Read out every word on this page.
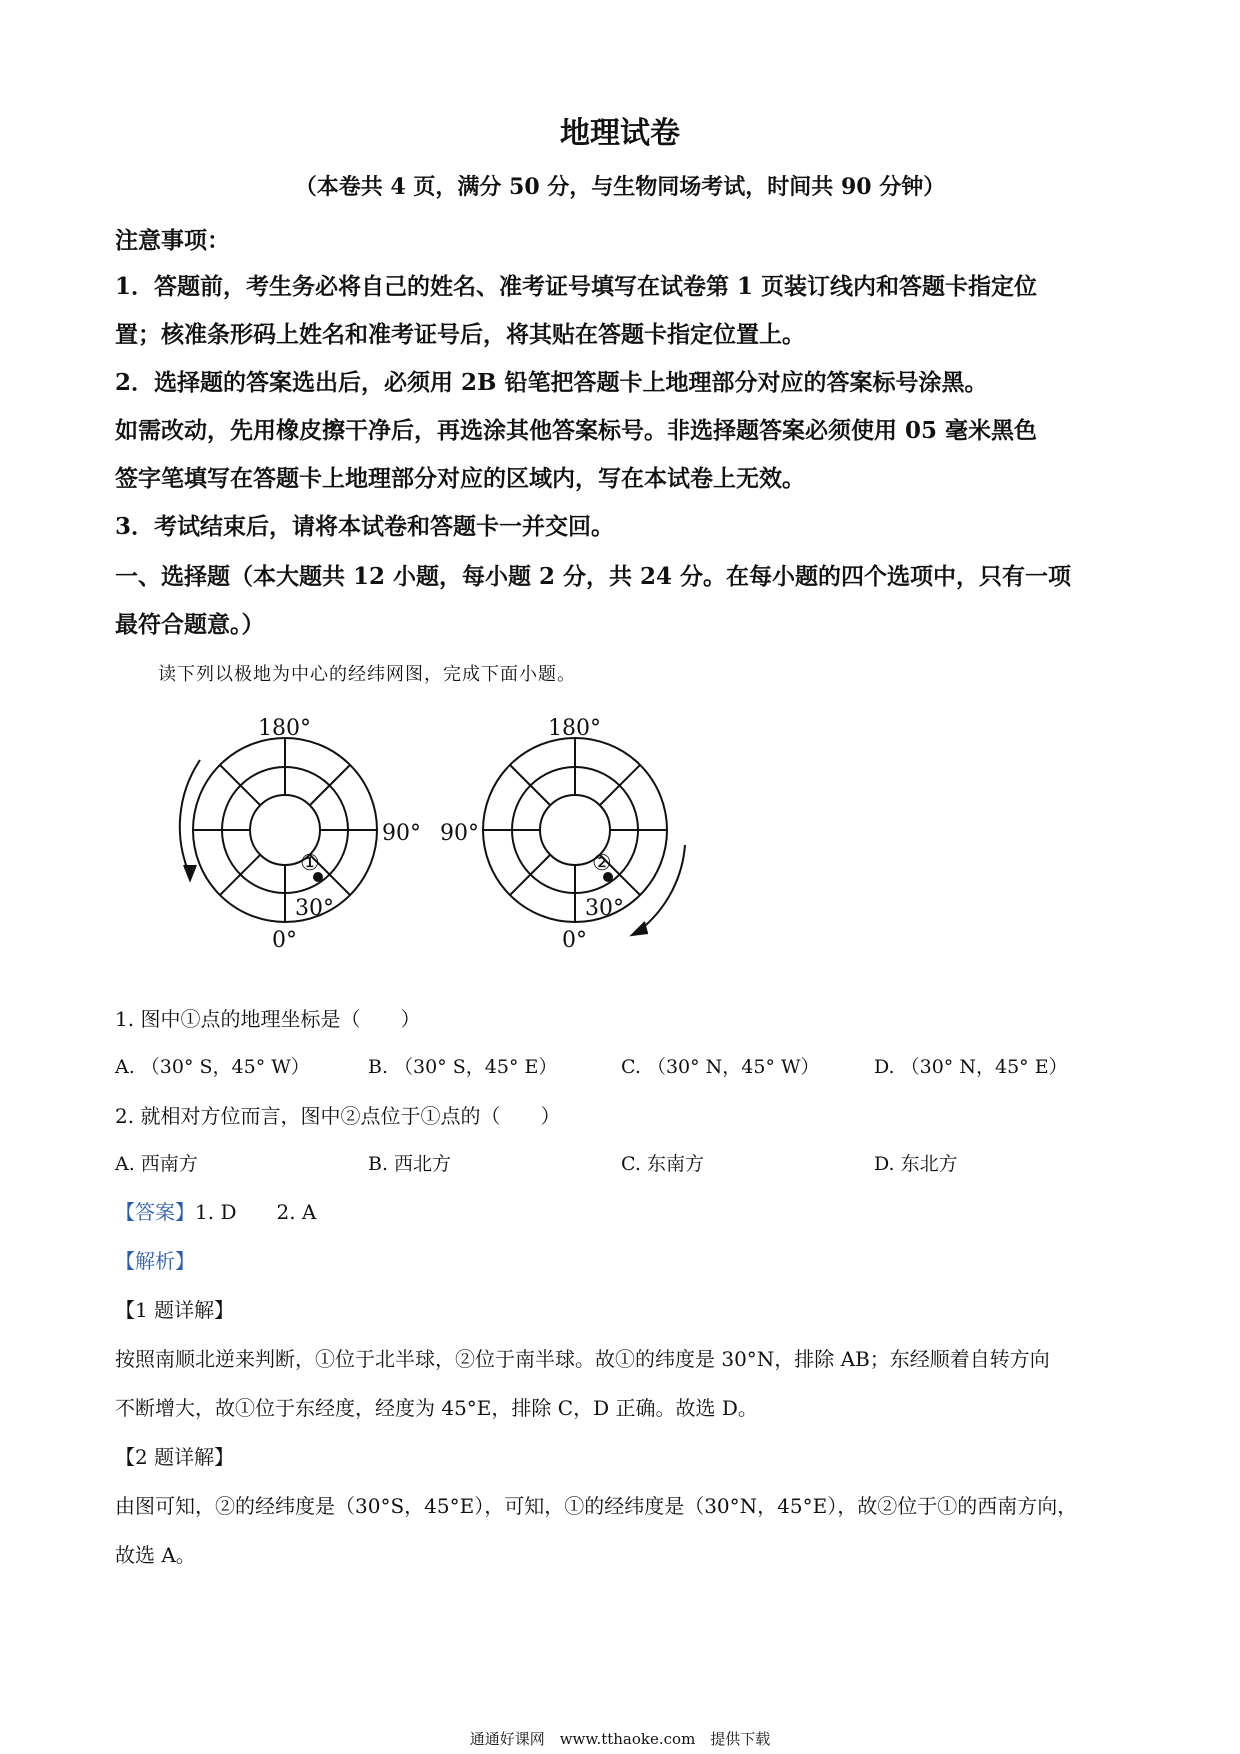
地理试卷
（本卷共 4 页，满分 50 分，与生物同场考试，时间共 90 分钟）
注意事项：
1．答题前，考生务必将自己的姓名、准考证号填写在试卷第 1 页装订线内和答题卡指定位
置；核准条形码上姓名和准考证号后，将其贴在答题卡指定位置上。
2．选择题的答案选出后，必须用 2B 铅笔把答题卡上地理部分对应的答案标号涂黑。
如需改动，先用橡皮擦干净后，再选涂其他答案标号。非选择题答案必须使用 05 毫米黑色
签字笔填写在答题卡上地理部分对应的区域内，写在本试卷上无效。
3．考试结束后，请将本试卷和答题卡一并交回。
一、选择题（本大题共 12 小题，每小题 2 分，共 24 分。在每小题的四个选项中，只有一项
最符合题意。）
读下列以极地为中心的经纬网图，完成下面小题。
180°
90°
30°
0°
①
180°
90°
30°
0°
②
1. 图中①点的地理坐标是（　　）
A. （30° S，45° W）	B. （30° S，45° E）	C. （30° N，45° W）	D. （30° N，45° E）
2. 就相对方位而言，图中②点位于①点的（　　）
A. 西南方	B. 西北方	C. 东南方	D. 东北方
【答案】1. D　　2. A
【解析】
【1 题详解】
按照南顺北逆来判断，①位于北半球，②位于南半球。故①的纬度是 30°N，排除 AB；东经顺着自转方向
不断增大，故①位于东经度，经度为 45°E，排除 C，D 正确。故选 D。
【2 题详解】
由图可知，②的经纬度是（30°S，45°E），可知，①的经纬度是（30°N，45°E），故②位于①的西南方向，
故选 A。
通通好课网　www.tthaoke.com　提供下载
